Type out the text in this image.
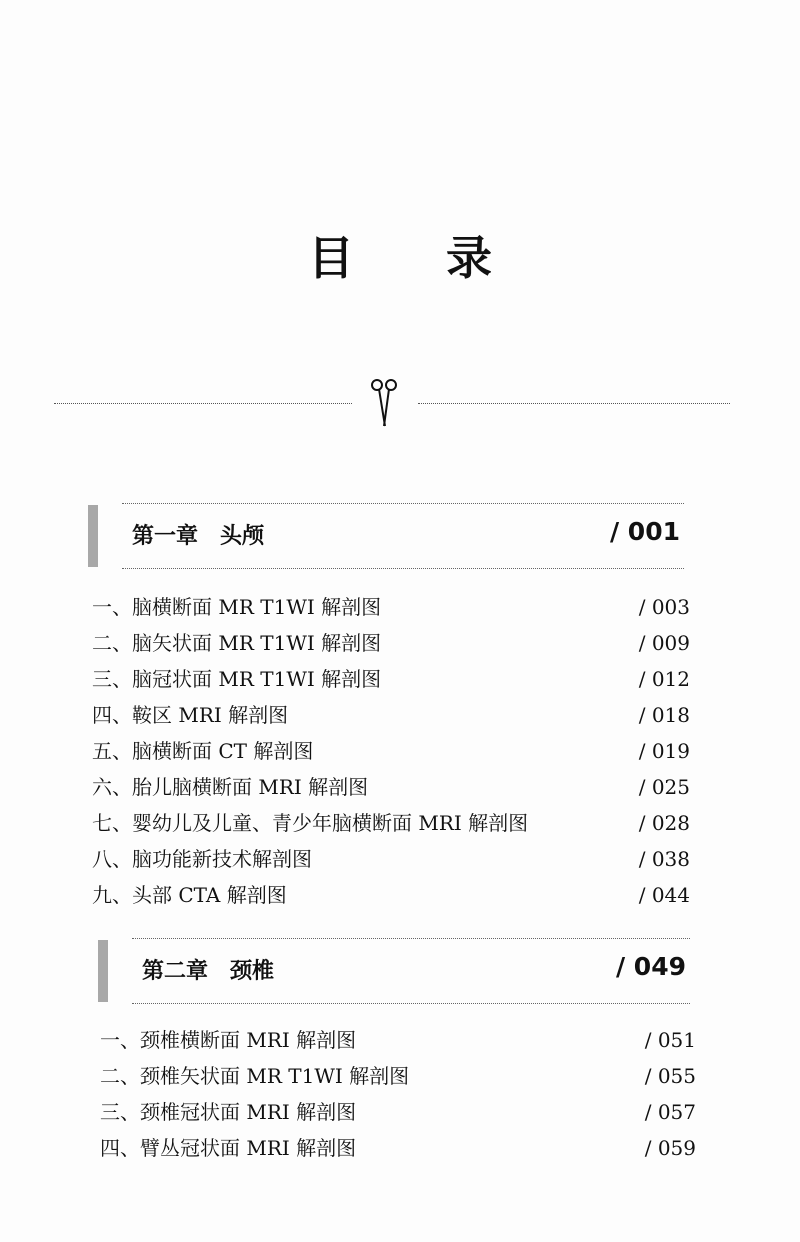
目 录
第一章　头颅	/ 001
一、脑横断面 MR T1WI 解剖图	/ 003
二、脑矢状面 MR T1WI 解剖图	/ 009
三、脑冠状面 MR T1WI 解剖图	/ 012
四、鞍区 MRI 解剖图	/ 018
五、脑横断面 CT 解剖图	/ 019
六、胎儿脑横断面 MRI 解剖图	/ 025
七、婴幼儿及儿童、青少年脑横断面 MRI 解剖图	/ 028
八、脑功能新技术解剖图	/ 038
九、头部 CTA 解剖图	/ 044
第二章　颈椎	/ 049
一、颈椎横断面 MRI 解剖图	/ 051
二、颈椎矢状面 MR T1WI 解剖图	/ 055
三、颈椎冠状面 MRI 解剖图	/ 057
四、臂丛冠状面 MRI 解剖图	/ 059
